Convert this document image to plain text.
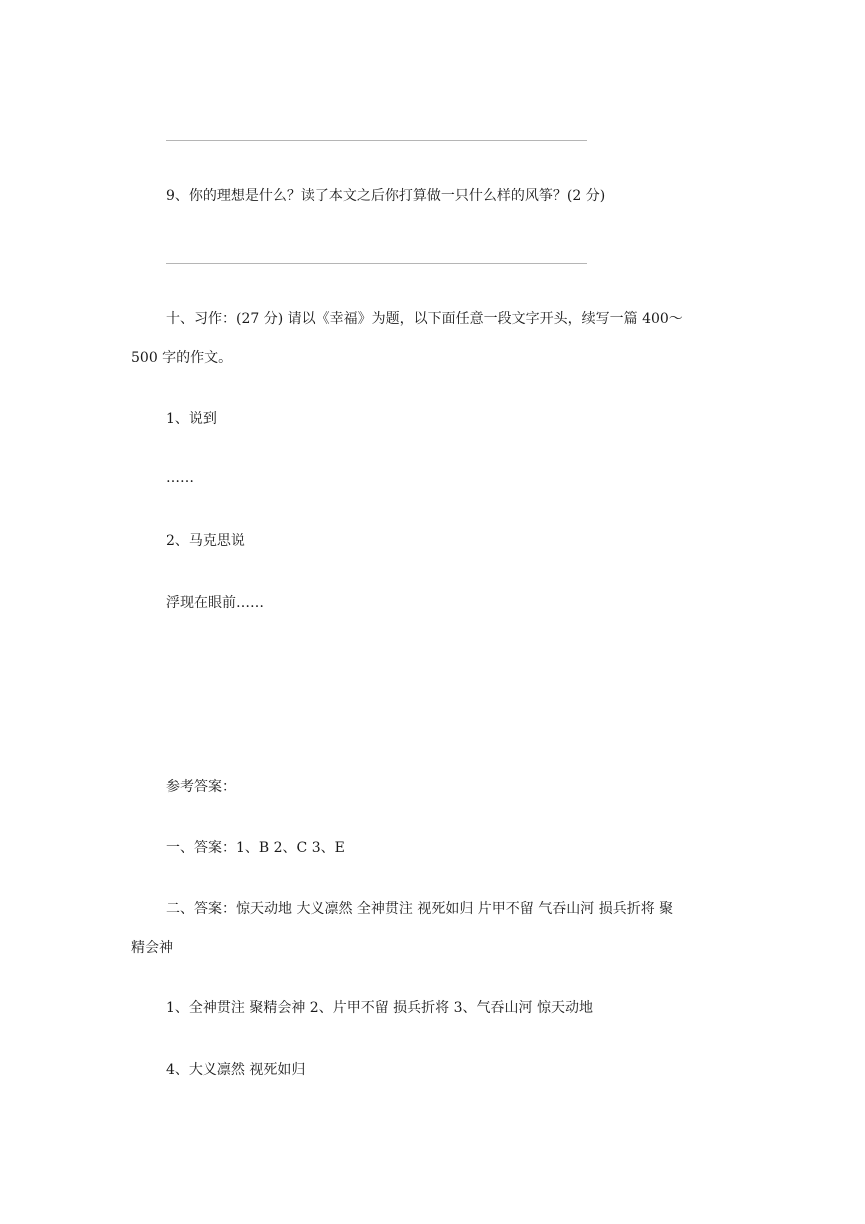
9、你的理想是什么？读了本文之后你打算做一只什么样的风筝？(2 分)
十、习作：(27 分) 请以《幸福》为题，以下面任意一段文字开头，续写一篇 400～
500 字的作文。
1、说到
……
2、马克思说
浮现在眼前……
参考答案：
一、答案：1、B 2、C 3、E
二、答案：惊天动地 大义凛然 全神贯注 视死如归 片甲不留 气吞山河 损兵折将 聚
精会神
1、全神贯注 聚精会神 2、片甲不留 损兵折将 3、气吞山河 惊天动地
4、大义凛然 视死如归
